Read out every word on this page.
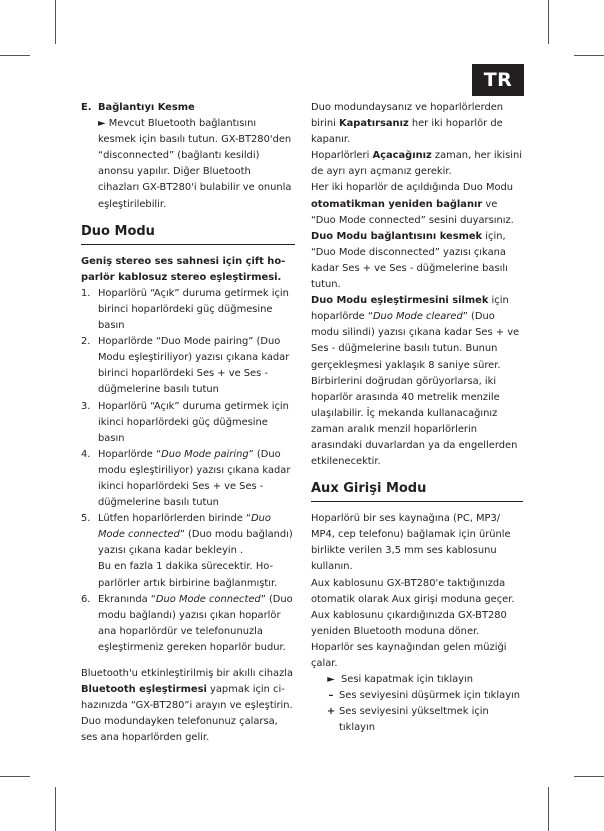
TR
E. Bağlantıyı Kesme
► Mevcut Bluetooth bağlantısını kesmek için basılı tutun. GX-BT280'den “disconnected” (bağlantı kesildi) anonsu yapılır. Diğer Bluetooth cihazları GX-BT280'i bulabilir ve onunla eşleştirilebilir.
Duo Modu
Geniş stereo ses sahnesi için çift ho-parlör kablosuz stereo eşleştirmesi.
1. Hoparlörü “Açık” duruma getirmek için birinci hoparlördeki güç düğmesine basın
2. Hoparlörde “Duo Mode pairing” (Duo Modu eşleştiriliyor) yazısı çıkana kadar birinci hoparlördeki Ses + ve Ses - düğmelerine basılı tutun
3. Hoparlörü “Açık” duruma getirmek için ikinci hoparlördeki güç düğmesine basın
4. Hoparlörde “Duo Mode pairing” (Duo modu eşleştiriliyor) yazısı çıkana kadar ikinci hoparlördeki Ses + ve Ses - düğmelerine basılı tutun
5. Lütfen hoparlörlerden birinde “Duo Mode connected” (Duo modu bağlandı) yazısı çıkana kadar bekleyin .
Bu en fazla 1 dakika sürecektir. Ho-parlörler artık birbirine bağlanmıştır.
6. Ekranında “Duo Mode connected” (Duo modu bağlandı) yazısı çıkan hoparlör ana hoparlördür ve telefonunuzla eşleştirmeniz gereken hoparlör budur.
Bluetooth'u etkinleştirilmiş bir akıllı cihazla Bluetooth eşleştirmesi yapmak için ci-hazınızda “GX-BT280”i arayın ve eşleştirin. Duo modundayken telefonunuz çalarsa, ses ana hoparlörden gelir.
Duo modundaysanız ve hoparlörlerden birini Kapatırsanız her iki hoparlör de kapanır.
Hoparlörleri Açacağınız zaman, her ikisini de ayrı ayrı açmanız gerekir.
Her iki hoparlör de açıldığında Duo Modu otomatikman yeniden bağlanır ve “Duo Mode connected” sesini duyarsınız.
Duo Modu bağlantısını kesmek için, “Duo Mode disconnected” yazısı çıkana kadar Ses + ve Ses - düğmelerine basılı tutun.
Duo Modu eşleştirmesini silmek için hoparlörde “Duo Mode cleared” (Duo modu silindi) yazısı çıkana kadar Ses + ve Ses - düğmelerine basılı tutun. Bunun gerçekleşmesi yaklaşık 8 saniye sürer. Birbirlerini doğrudan görüyorlarsa, iki hoparlör arasında 40 metrelik menzile ulaşılabilir. İç mekanda kullanacağınız zaman aralık menzil hoparlörlerin arasındaki duvarlardan ya da engellerden etkilenecektir.
Aux Girişi Modu
Hoparlörü bir ses kaynağına (PC, MP3/ MP4, cep telefonu) bağlamak için ürünle birlikte verilen 3,5 mm ses kablosunu kullanın.
Aux kablosunu GX-BT280'e taktığınızda otomatik olarak Aux girişi moduna geçer. Aux kablosunu çıkardığınızda GX-BT280 yeniden Bluetooth moduna döner.
Hoparlör ses kaynağından gelen müziği çalar.
► Sesi kapatmak için tıklayın
– Ses seviyesini düşürmek için tıklayın
+ Ses seviyesini yükseltmek için tıklayın
